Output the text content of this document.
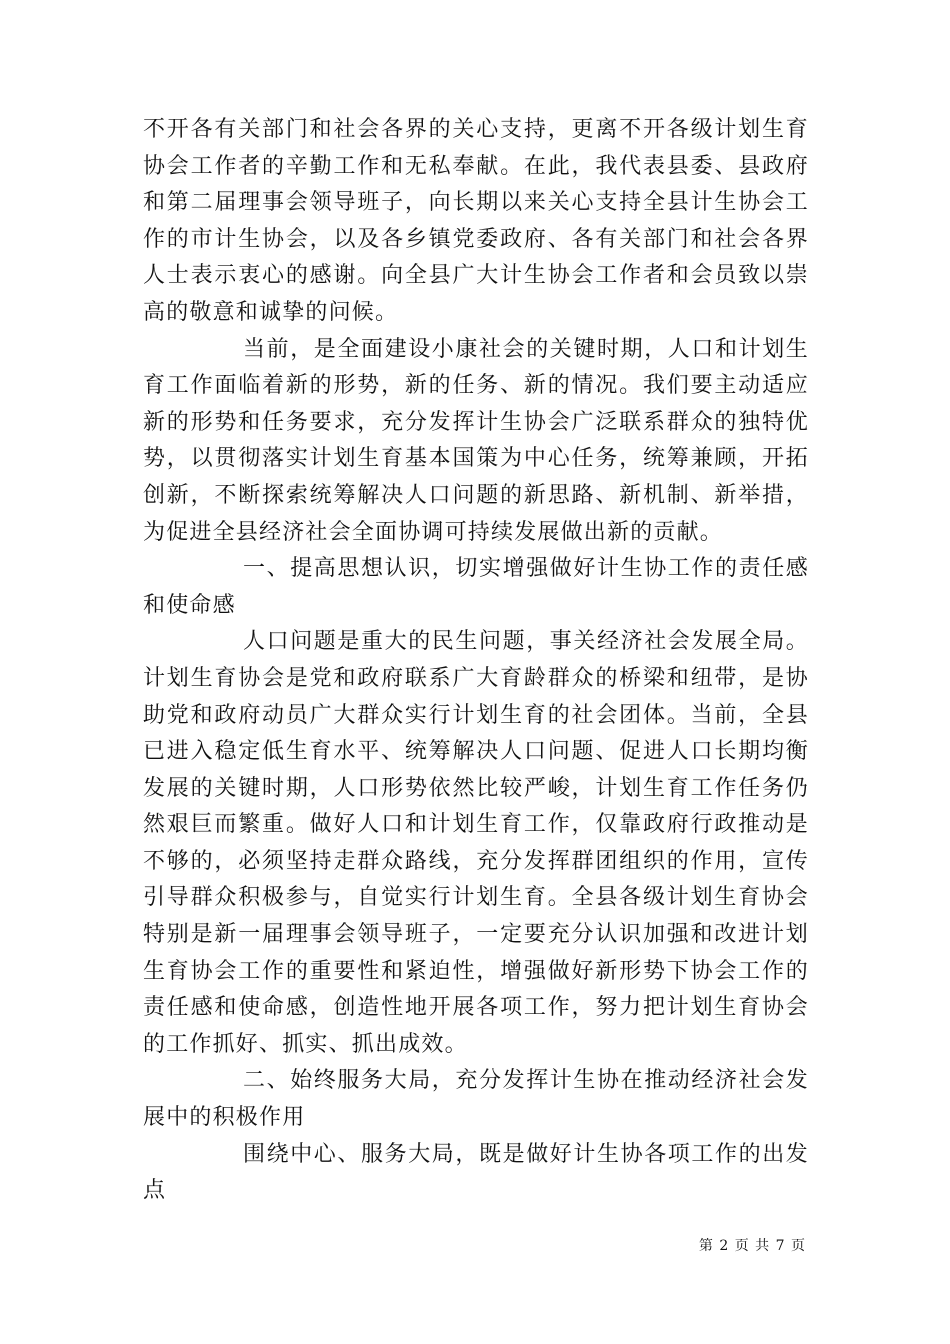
不开各有关部门和社会各界的关心支持，更离不开各级计划生育协会工作者的辛勤工作和无私奉献。在此，我代表县委、县政府和第二届理事会领导班子，向长期以来关心支持全县计生协会工作的市计生协会，以及各乡镇党委政府、各有关部门和社会各界人士表示衷心的感谢。向全县广大计生协会工作者和会员致以崇高的敬意和诚挚的问候。

当前，是全面建设小康社会的关键时期，人口和计划生育工作面临着新的形势，新的任务、新的情况。我们要主动适应新的形势和任务要求，充分发挥计生协会广泛联系群众的独特优势，以贯彻落实计划生育基本国策为中心任务，统筹兼顾，开拓创新，不断探索统筹解决人口问题的新思路、新机制、新举措，为促进全县经济社会全面协调可持续发展做出新的贡献。

一、提高思想认识，切实增强做好计生协工作的责任感和使命感

人口问题是重大的民生问题，事关经济社会发展全局。计划生育协会是党和政府联系广大育龄群众的桥梁和纽带，是协助党和政府动员广大群众实行计划生育的社会团体。当前，全县已进入稳定低生育水平、统筹解决人口问题、促进人口长期均衡发展的关键时期，人口形势依然比较严峻，计划生育工作任务仍然艰巨而繁重。做好人口和计划生育工作，仅靠政府行政推动是不够的，必须坚持走群众路线，充分发挥群团组织的作用，宣传引导群众积极参与，自觉实行计划生育。全县各级计划生育协会特别是新一届理事会领导班子，一定要充分认识加强和改进计划生育协会工作的重要性和紧迫性，增强做好新形势下协会工作的责任感和使命感，创造性地开展各项工作，努力把计划生育协会的工作抓好、抓实、抓出成效。

二、始终服务大局，充分发挥计生协在推动经济社会发展中的积极作用

围绕中心、服务大局，既是做好计生协各项工作的出发点

第 2 页 共 7 页
